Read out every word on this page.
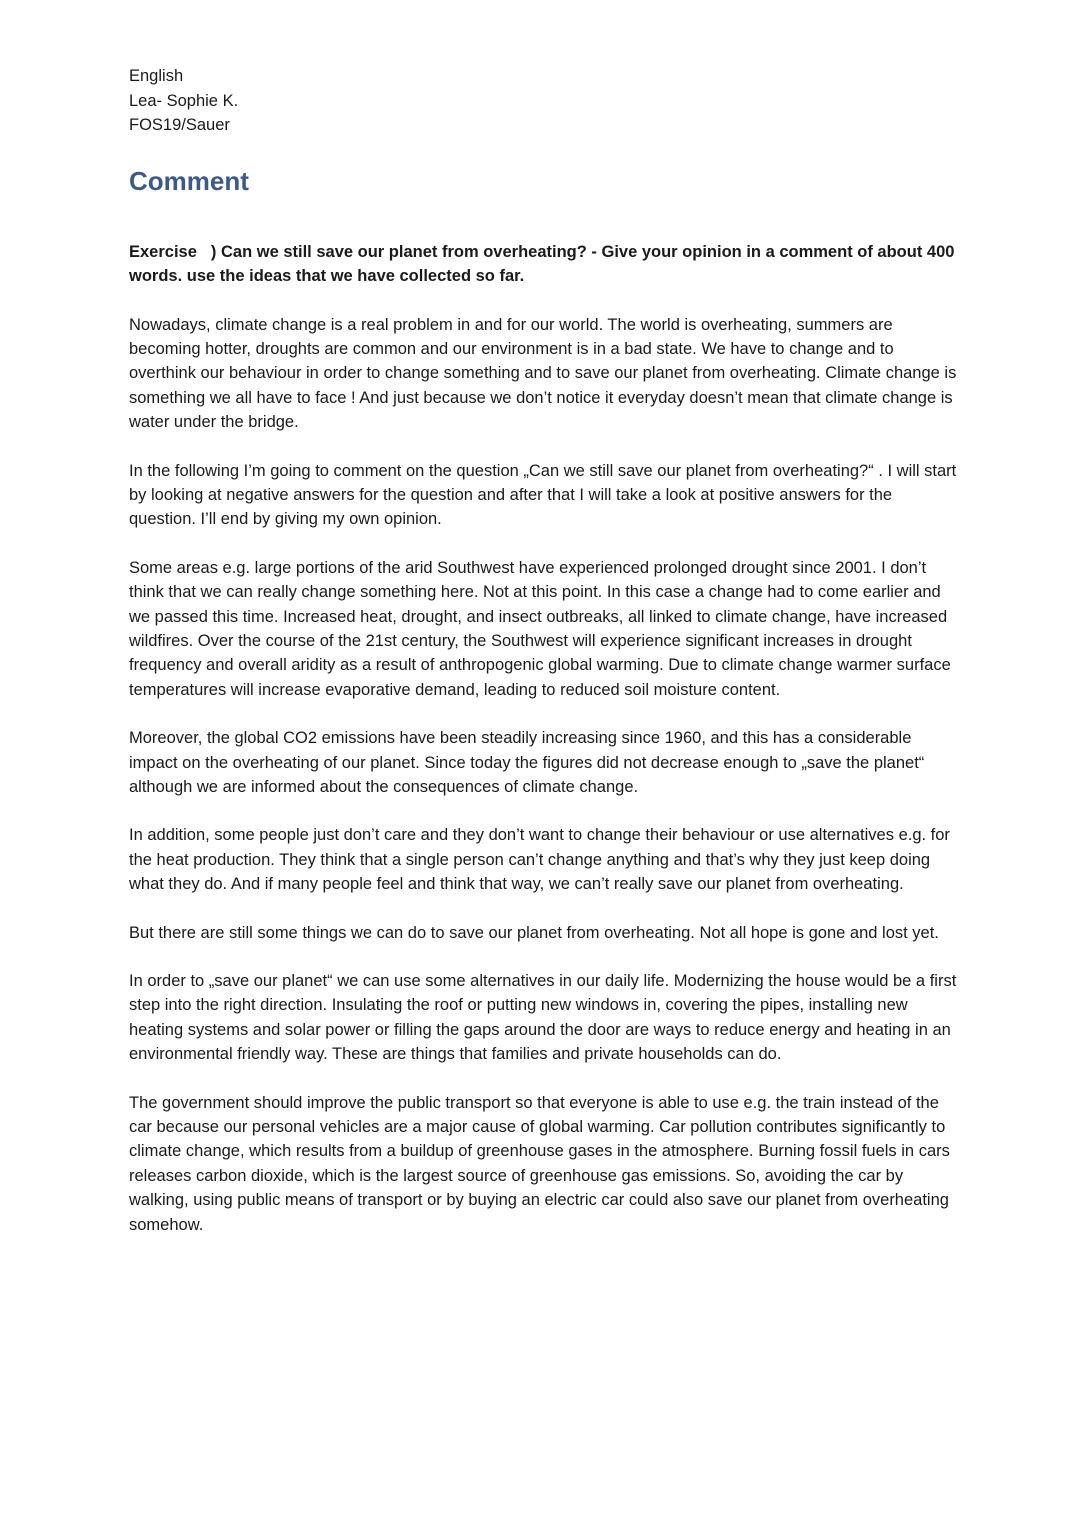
English

Lea- Sophie K.

FOS19/Sauer

Comment

Exercise ) Can we still save our planet from overheating? - Give your opinion in a comment of about 400 words. use the ideas that we have collected so far.

Nowadays, climate change is a real problem in and for our world. The world is overheating, summers are becoming hotter, droughts are common and our environment is in a bad state. We have to change and to overthink our behaviour in order to change something and to save our planet from overheating. Climate change is something we all have to face ! And just because we don’t notice it everyday doesn’t mean that climate change is water under the bridge.

In the following I’m going to comment on the question „Can we still save our planet from overheating?“ . I will start by looking at negative answers for the question and after that I will take a look at positive answers for the question. I’ll end by giving my own opinion.

Some areas e.g. large portions of the arid Southwest have experienced prolonged drought since 2001. I don’t think that we can really change something here. Not at this point. In this case a change had to come earlier and we passed this time. Increased heat, drought, and insect outbreaks, all linked to climate change, have increased wildfires. Over the course of the 21st century, the Southwest will experience significant increases in drought frequency and overall aridity as a result of anthropogenic global warming. Due to climate change warmer surface temperatures will increase evaporative demand, leading to reduced soil moisture content.

Moreover, the global CO2 emissions have been steadily increasing since 1960, and this has a considerable impact on the overheating of our planet. Since today the figures did not decrease enough to „save the planet“ although we are informed about the consequences of climate change.

In addition, some people just don’t care and they don’t want to change their behaviour or use alternatives e.g. for the heat production. They think that a single person can’t change anything and that’s why they just keep doing what they do. And if many people feel and think that way, we can’t really save our planet from overheating.

But there are still some things we can do to save our planet from overheating. Not all hope is gone and lost yet.

In order to „save our planet“ we can use some alternatives in our daily life. Modernizing the house would be a first step into the right direction. Insulating the roof or putting new windows in, covering the pipes, installing new heating systems and solar power or filling the gaps around the door are ways to reduce energy and heating in an environmental friendly way. These are things that families and private households can do.

The government should improve the public transport so that everyone is able to use e.g. the train instead of the car because our personal vehicles are a major cause of global warming. Car pollution contributes significantly to climate change, which results from a buildup of greenhouse gases in the atmosphere. Burning fossil fuels in cars releases carbon dioxide, which is the largest source of greenhouse gas emissions. So, avoiding the car by walking, using public means of transport or by buying an electric car could also save our planet from overheating somehow.
